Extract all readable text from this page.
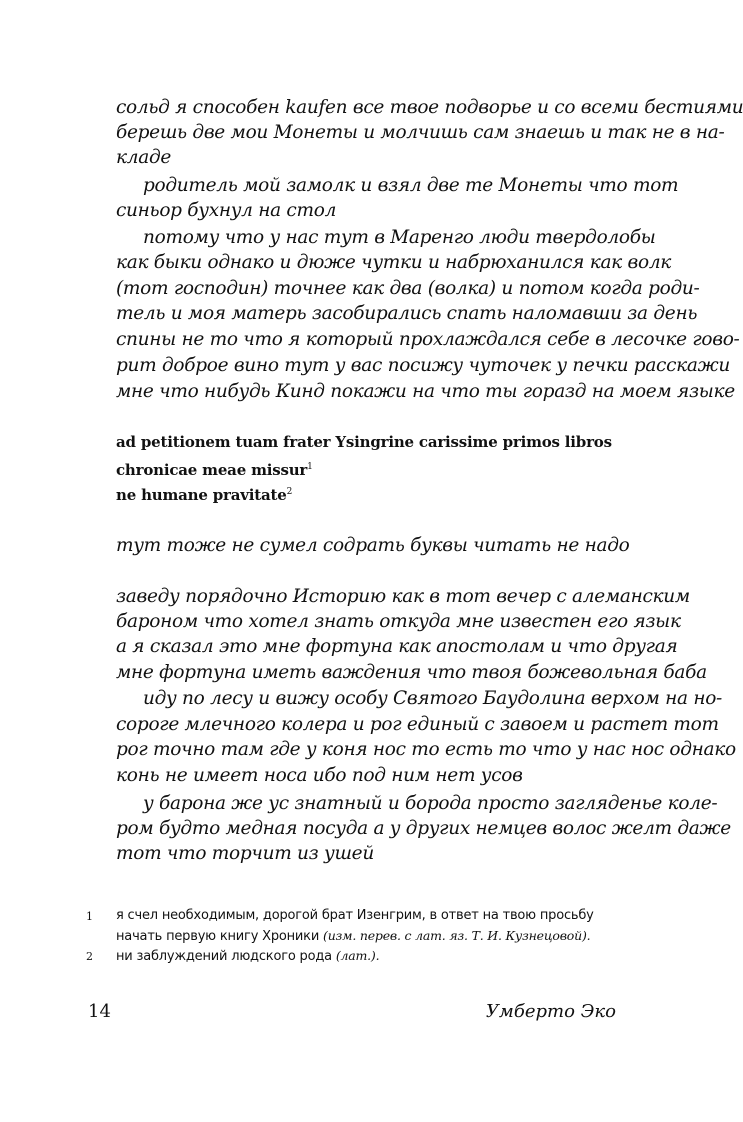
сольд я способен kaufen все твое подворье и со всеми бестиями
берешь две мои Монеты и молчишь сам знаешь и так не в на-
кладе
родитель мой замолк и взял две те Монеты что тот
синьор бухнул на стол
потому что у нас тут в Маренго люди твердолобы
как быки однако и дюже чутки и набрюханился как волк
(тот господин) точнее как два (волка) и потом когда роди-
тель и моя матерь засобирались спать наломавши за день
спины не то что я который прохлаждался себе в лесочке гово-
рит доброе вино тут у вас посижу чуточек у печки расскажи
мне что нибудь Кинд покажи на что ты горазд на моем языке
ad petitionem tuam frater Ysingrine carissime primos libros
chronicae meae missur$^1$
ne humane pravitate$^2$
тут тоже не сумел содрать буквы читать не надо
заведу порядочно Историю как в тот вечер с алеманским
бароном что хотел знать откуда мне известен его язык
а я сказал это мне фортуна как апостолам и что другая
мне фортуна иметь важдения что твоя божевольная баба
иду по лесу и вижу особу Святого Баудолина верхом на но-
сороге млечного колера и рог единый с завоем и растет тот
рог точно там где у коня нос то есть то что у нас нос однако
конь не имеет носа ибо под ним нет усов
у барона же ус знатный и борода просто загляденье коле-
ром будто медная посуда а у других немцев волос желт даже
тот что торчит из ушей
1 я счел необходимым, дорогой брат Изенгрим, в ответ на твою просьбу
начать первую книгу Хроники (изм. перев. с лат. яз. Т. И. Кузнецовой).
2 ни заблуждений людского рода (лат.).
14	Умберто Эко
